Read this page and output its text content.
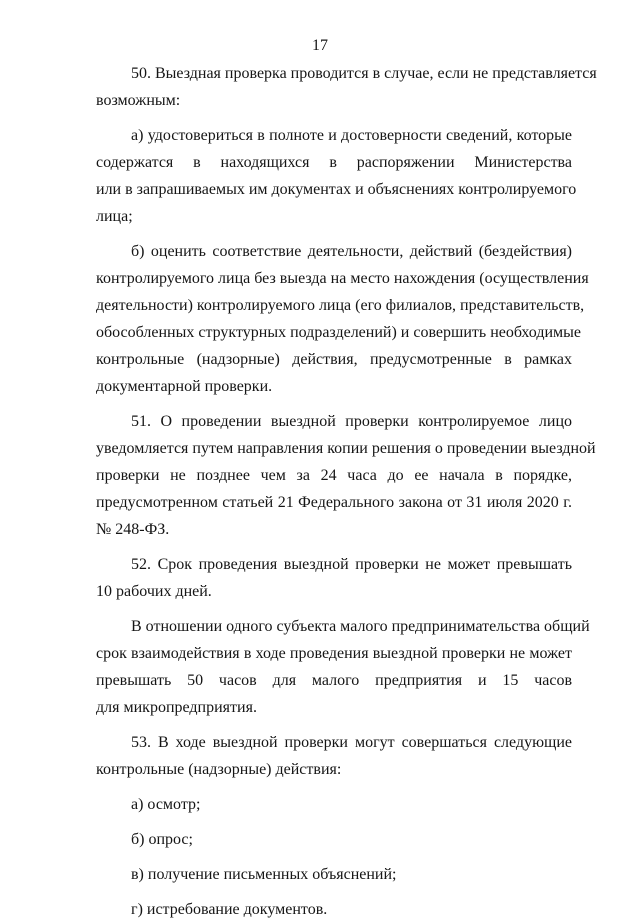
17
50. Выездная проверка проводится в случае, если не представляется
возможным:
а) удостовериться в полноте и достоверности сведений, которые
содержатся в находящихся в распоряжении Министерства
или в запрашиваемых им документах и объяснениях контролируемого
лица;
б) оценить соответствие деятельности, действий (бездействия)
контролируемого лица без выезда на место нахождения (осуществления
деятельности) контролируемого лица (его филиалов, представительств,
обособленных структурных подразделений) и совершить необходимые
контрольные (надзорные) действия, предусмотренные в рамках
документарной проверки.
51. О проведении выездной проверки контролируемое лицо
уведомляется путем направления копии решения о проведении выездной
проверки не позднее чем за 24 часа до ее начала в порядке,
предусмотренном статьей 21 Федерального закона от 31 июля 2020 г.
№ 248-ФЗ.
52. Срок проведения выездной проверки не может превышать
10 рабочих дней.
В отношении одного субъекта малого предпринимательства общий
срок взаимодействия в ходе проведения выездной проверки не может
превышать 50 часов для малого предприятия и 15 часов
для микропредприятия.
53. В ходе выездной проверки могут совершаться следующие
контрольные (надзорные) действия:
а) осмотр;
б) опрос;
в) получение письменных объяснений;
г) истребование документов.
